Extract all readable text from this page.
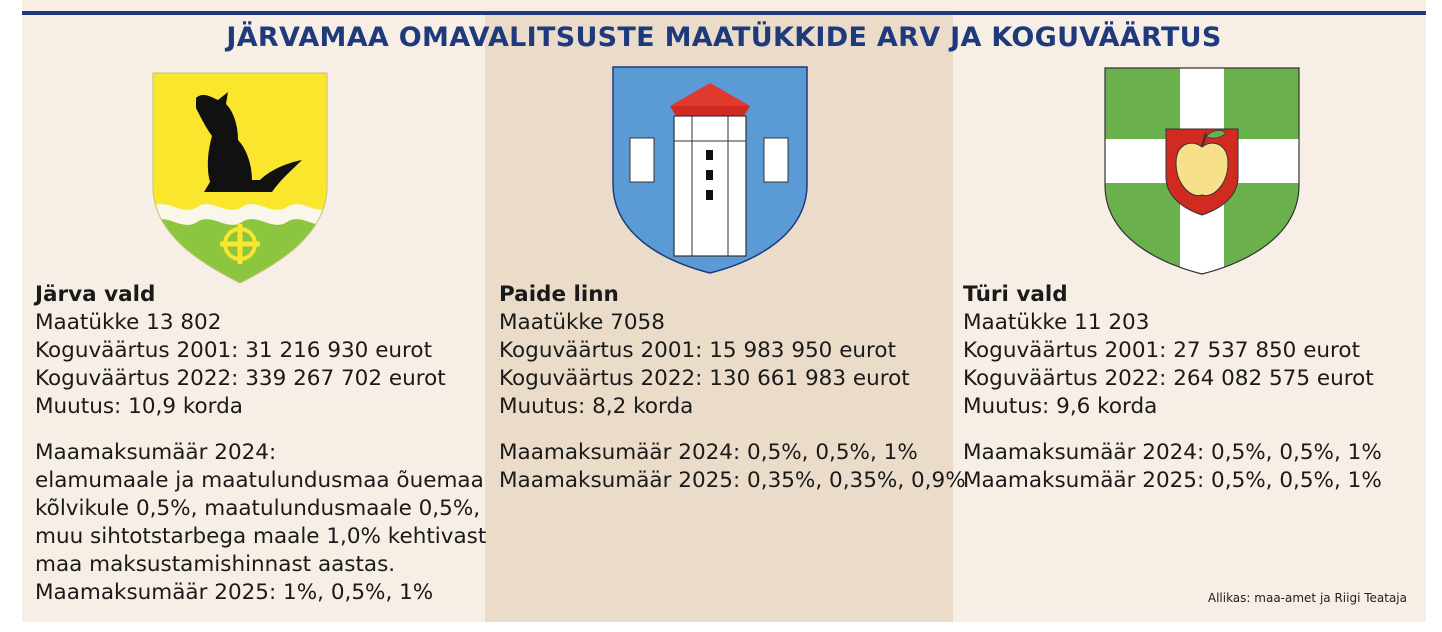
JÄRVAMAA OMAVALITSUSTE MAATÜKKIDE ARV JA KOGUVÄÄRTUS
Järva vald
Maatükke 13 802
Koguväärtus 2001: 31 216 930 eurot
Koguväärtus 2022: 339 267 702 eurot
Muutus: 10,9 korda
Maamaksumäär 2024:
elamumaale ja maatulundusmaa õuemaa
kõlvikule 0,5%, maatulundusmaale 0,5%,
muu sihtotstarbega maale 1,0% kehtivast
maa maksustamishinnast aastas.
Maamaksumäär 2025: 1%, 0,5%, 1%
Paide linn
Maatükke 7058
Koguväärtus 2001: 15 983 950 eurot
Koguväärtus 2022: 130 661 983 eurot
Muutus: 8,2 korda
Maamaksumäär 2024: 0,5%, 0,5%, 1%
Maamaksumäär 2025: 0,35%, 0,35%, 0,9%
Türi vald
Maatükke 11 203
Koguväärtus 2001: 27 537 850 eurot
Koguväärtus 2022: 264 082 575 eurot
Muutus: 9,6 korda
Maamaksumäär 2024: 0,5%, 0,5%, 1%
Maamaksumäär 2025: 0,5%, 0,5%, 1%
Allikas: maa-amet ja Riigi Teataja
